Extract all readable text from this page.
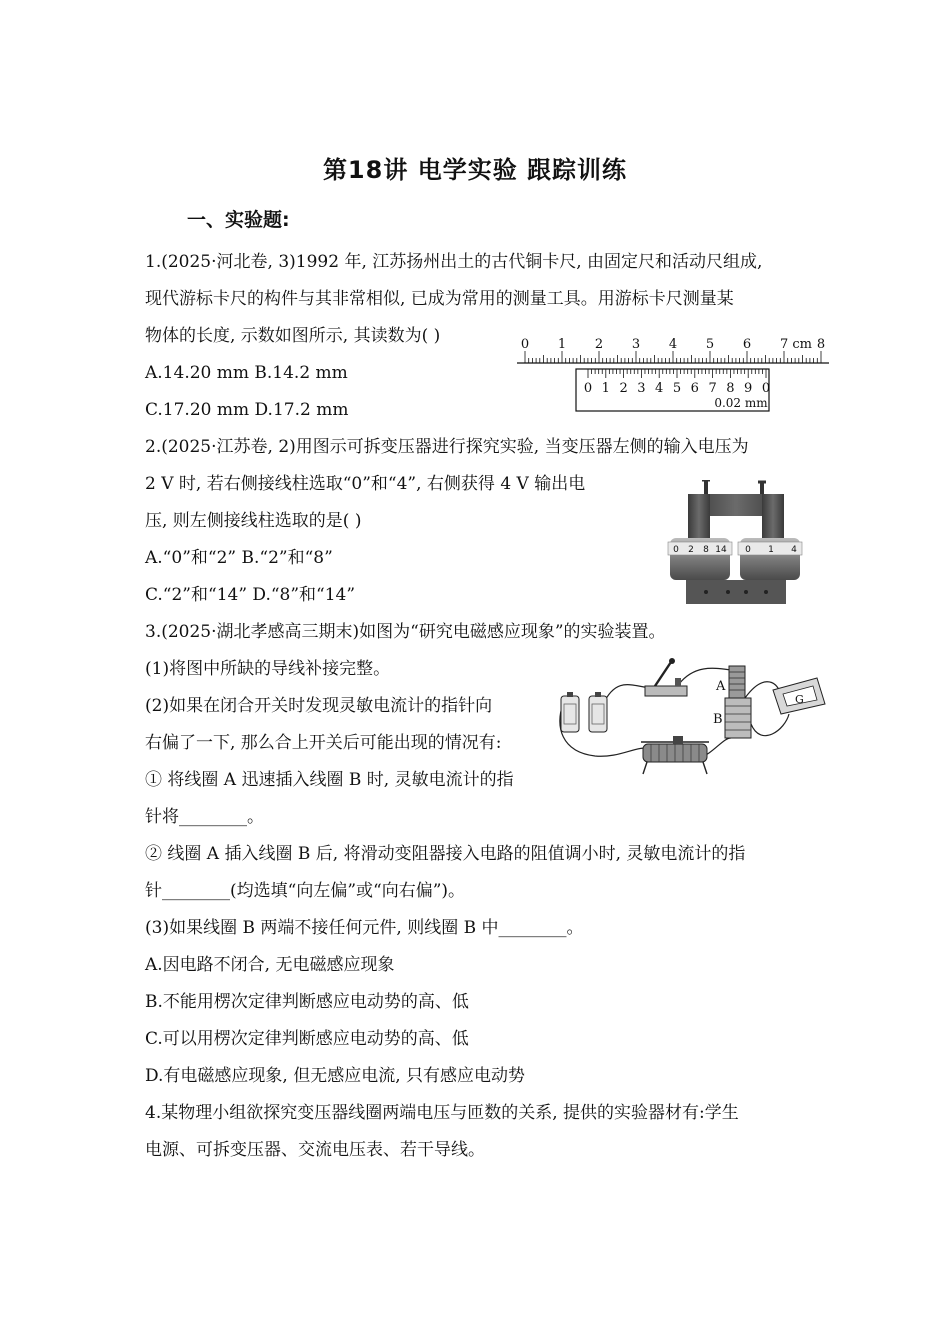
第18讲 电学实验 跟踪训练
一、实验题:
1.(2025·河北卷, 3)1992 年, 江苏扬州出土的古代铜卡尺, 由固定尺和活动尺组成,
现代游标卡尺的构件与其非常相似, 已成为常用的测量工具。用游标卡尺测量某
物体的长度, 示数如图所示, 其读数为( )
A.14.20 mm B.14.2 mm
C.17.20 mm D.17.2 mm
0 1 2 3 4 5 6 7 cm 8
0 1 2 3 4 5 6 7 8 9 0
0.02 mm
2.(2025·江苏卷, 2)用图示可拆变压器进行探究实验, 当变压器左侧的输入电压为
2 V 时, 若右侧接线柱选取“0”和“4”, 右侧获得 4 V 输出电
压, 则左侧接线柱选取的是( )
A.“0”和“2” B.“2”和“8”
C.“2”和“14” D.“8”和“14”
0 2 8 14 0 1 4
3.(2025·湖北孝感高三期末)如图为“研究电磁感应现象”的实验装置。
(1)将图中所缺的导线补接完整。
(2)如果在闭合开关时发现灵敏电流计的指针向
右偏了一下, 那么合上开关后可能出现的情况有:
① 将线圈 A 迅速插入线圈 B 时, 灵敏电流计的指
针将________。
② 线圈 A 插入线圈 B 后, 将滑动变阻器接入电路的阻值调小时, 灵敏电流计的指
针________(均选填“向左偏”或“向右偏”)。
(3)如果线圈 B 两端不接任何元件, 则线圈 B 中________。
A.因电路不闭合, 无电磁感应现象
B.不能用楞次定律判断感应电动势的高、低
C.可以用楞次定律判断感应电动势的高、低
D.有电磁感应现象, 但无感应电流, 只有感应电动势
A
B
G
4.某物理小组欲探究变压器线圈两端电压与匝数的关系, 提供的实验器材有:学生
电源、可拆变压器、交流电压表、若干导线。
